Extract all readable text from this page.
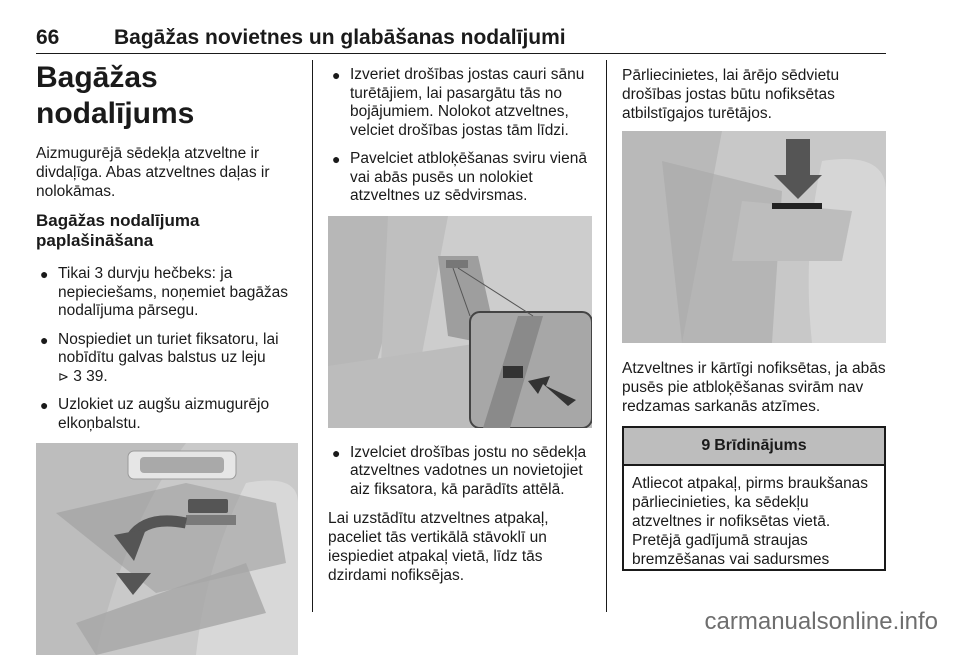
66	Bagāžas novietnes un glabāšanas nodalījumi
Bagāžas nodalījums

Aizmugurējā sēdekļa atzveltne ir divdaļīga. Abas atzveltnes daļas ir nolokāmas.

Bagāžas nodalījuma paplašināšana
● Tikai 3 durvju hečbeks: ja nepieciešams, noņemiet bagāžas nodalījuma pārsegu.
● Nospiediet un turiet fiksatoru, lai nobīdītu galvas balstus uz leju
⊳ 3 39.
● Uzlokiet uz augšu aizmugurējo elkoņbalstu.
● Izveriet drošības jostas cauri sānu turētājiem, lai pasargātu tās no bojājumiem. Nolokot atzveltnes, velciet drošības jostas tām līdzi.
● Pavelciet atbloķēšanas sviru vienā vai abās pusēs un nolokiet atzveltnes uz sēdvirsmas.
● Izvelciet drošības jostu no sēdekļa atzveltnes vadotnes un novietojiet aiz fiksatora, kā parādīts attēlā.

Lai uzstādītu atzveltnes atpakaļ, paceliet tās vertikālā stāvoklī un iespiediet atpakaļ vietā, līdz tās dzirdami nofiksējas.

Pārliecinietes, lai ārējo sēdvietu drošības jostas būtu nofiksētas atbilstīgajos turētājos.

Atzveltnes ir kārtīgi nofiksētas, ja abās pusēs pie atbloķēšanas svirām nav redzamas sarkanās atzīmes.

9 Brīdinājums
Atliecot atpakaļ, pirms braukšanas pārliecinieties, ka sēdekļu atzveltnes ir nofiksētas vietā. Pretējā gadījumā straujas bremzēšanas vai sadursmes
carmanualsonline.info
